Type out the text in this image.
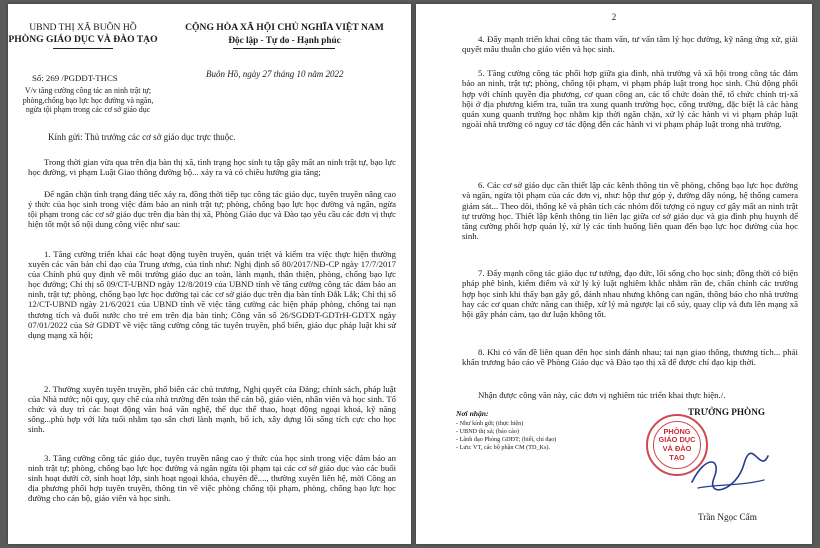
UBND THỊ XÃ BUÔN HỒ
PHÒNG GIÁO DỤC VÀ ĐÀO TẠO
CỘNG HÒA XÃ HỘI CHỦ NGHĨA VIỆT NAM
Độc lập - Tự do - Hạnh phúc
Số: 269 /PGDĐT-THCS	Buôn Hồ, ngày 27 tháng 10 năm 2022
V/v tăng cường công tác an ninh trật tự; phòng,chống bạo lực học đường và ngăn, ngừa tội phạm trong các cơ sở giáo dục
Kính gửi: Thủ trưởng các cơ sở giáo dục trực thuộc.
Trong thời gian vừa qua trên địa bàn thị xã, tình trạng học sinh tụ tập gây mất an ninh trật tự, bạo lực học đường, vi phạm Luật Giao thông đường bộ... xảy ra và có chiều hướng gia tăng;
Để ngăn chặn tình trạng đáng tiếc xảy ra, đồng thời tiếp tục công tác giáo dục, tuyên truyền nâng cao ý thức của học sinh trong việc đảm bảo an ninh trật tự; phòng, chống bạo lực học đường và ngăn, ngừa tội phạm trong các cơ sở giáo dục trên địa bàn thị xã, Phòng Giáo dục và Đào tạo yêu cầu các đơn vị thực hiện tốt một số nội dung công việc như sau:
1. Tăng cường triển khai các hoạt động tuyên truyền, quán triệt và kiểm tra việc thực hiện thường xuyên các văn bản chỉ đạo của Trung ương, của tỉnh như: Nghị định số 80/2017/NĐ-CP ngày 17/7/2017 của Chính phủ quy định về môi trường giáo dục an toàn, lành mạnh, thân thiện, phòng, chống bạo lực học đường; Chỉ thị số 09/CT-UBND ngày 12/8/2019 của UBND tỉnh về tăng cường công tác đảm bảo an ninh, trật tự; phòng, chống bạo lực học đường tại các cơ sở giáo dục trên địa bàn tỉnh Đắk Lắk; Chỉ thị số 12/CT-UBND ngày 21/6/2021 của UBND tỉnh về việc tăng cường các biện pháp phòng, chống tai nạn thương tích và đuối nước cho trẻ em trên địa bàn tỉnh; Công văn số 26/SGDĐT-GDTrH-GDTX ngày 07/01/2022 của Sở GDĐT về việc tăng cường công tác tuyên truyền, phổ biến, giáo dục pháp luật khi sử dụng mạng xã hội;
2. Thường xuyên tuyên truyền, phổ biến các chủ trương, Nghị quyết của Đảng; chính sách, pháp luật của Nhà nước; nội quy, quy chế của nhà trường đến toàn thể cán bộ, giáo viên, nhân viên và học sinh. Tổ chức và duy trì các hoạt động văn hoá văn nghệ, thể dục thể thao, hoạt động ngoại khoá, kỹ năng sống...phù hợp với lứa tuổi nhằm tạo sân chơi lành mạnh, bổ ích, xây dựng lối sống tích cực cho học sinh.
3. Tăng cường công tác giáo dục, tuyên truyền nâng cao ý thức của học sinh trong việc đảm bảo an ninh trật tự; phòng, chống bạo lực học đường và ngăn ngừa tội phạm tại các cơ sở giáo dục vào các buổi sinh hoạt dưới cờ, sinh hoạt lớp, sinh hoạt ngoại khóa, chuyên đề...., thường xuyên liên hệ, mời Công an địa phương phối hợp tuyên truyền, thông tin về việc phòng chống tội phạm, phòng, chống bạo lực học đường cho cán bộ, giáo viên và học sinh.
2
4. Đẩy mạnh triển khai công tác tham vấn, tư vấn tâm lý học đường, kỹ năng ứng xử, giải quyết mâu thuẫn cho giáo viên và học sinh.
5. Tăng cường công tác phối hợp giữa gia đình, nhà trường và xã hội trong công tác đảm bảo an ninh, trật tự; phòng, chống tội phạm, vi phạm pháp luật trong học sinh. Chủ động phối hợp với chính quyền địa phương, cơ quan công an, các tổ chức đoàn thể, tổ chức chính trị-xã hội ở địa phương kiểm tra, tuần tra xung quanh trường học, cổng trường, đặc biệt là các hàng quán xung quanh trường học nhằm kịp thời ngăn chặn, xử lý các hành vi vi phạm pháp luật ngoài nhà trường có nguy cơ tác động đến các hành vi vi phạm pháp luật trong nhà trường.
6. Các cơ sở giáo dục cần thiết lập các kênh thông tin về phòng, chống bạo lực học đường và ngăn, ngừa tội phạm của các đơn vị, như: hộp thư góp ý, đường dây nóng, hệ thống camera giám sát... Theo dõi, thống kê và phân tích các nhóm đối tượng có nguy cơ gây mất an ninh trật tự trường học. Thiết lập kênh thông tin liên lạc giữa cơ sở giáo dục và gia đình phụ huynh để tăng cường phối hợp quản lý, xử lý các tình huống liên quan đến bạo lực học đường của học sinh.
7. Đẩy mạnh công tác giáo dục tư tưởng, đạo đức, lối sống cho học sinh; đồng thời có biện pháp phê bình, kiểm điểm và xử lý kỷ luật nghiêm khắc nhằm răn đe, chấn chỉnh các trường hợp học sinh khi thấy bạn gây gổ, đánh nhau nhưng không can ngăn, thông báo cho nhà trường hay các cơ quan chức năng can thiệp, xử lý mà ngược lại cổ súy, quay clip và đưa lên mạng xã hội gây phản cảm, tạo dư luận không tốt.
8. Khi có vấn đề liên quan đến học sinh đánh nhau; tai nạn giao thông, thương tích... phải khẩn trương báo cáo về Phòng Giáo dục và Đào tạo thị xã để được chỉ đạo kịp thời.
Nhận được công văn này, các đơn vị nghiêm túc triển khai thực hiện./.
Nơi nhận:
- Như kính gửi; (thực hiện)
- UBND thị xã; (báo cáo)
- Lãnh đạo Phòng GDĐT; (biết, chỉ đạo)
- Lưu: VT, các bộ phận CM (TD_Ks).
TRƯỞNG PHÒNG
PHÒNG GIÁO DỤC VÀ ĐÀO TẠO
Trần Ngọc Cẩm
